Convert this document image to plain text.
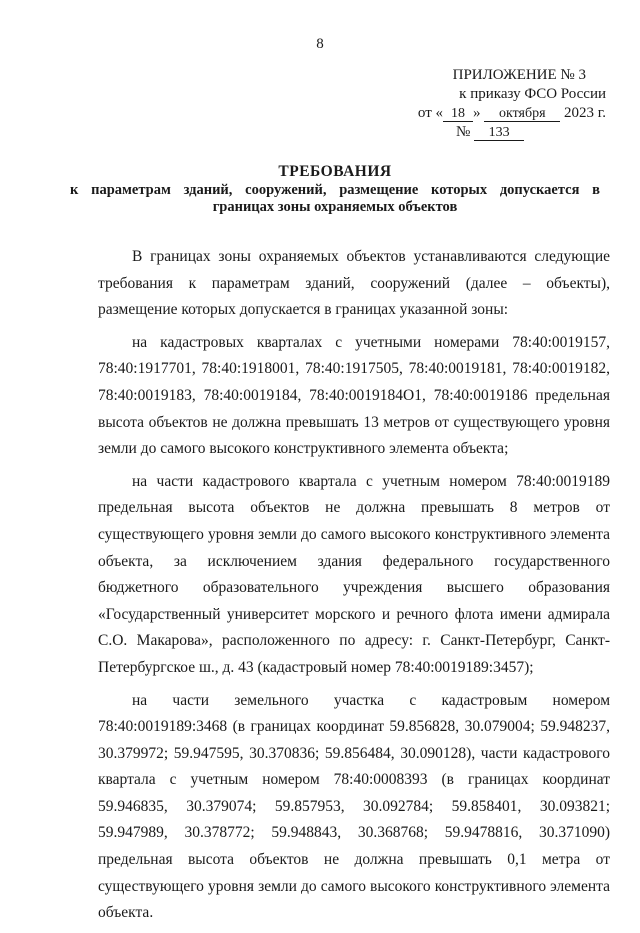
8
ПРИЛОЖЕНИЕ № 3
к приказу ФСО России
от « 18 » октября 2023 г.
№ 133
ТРЕБОВАНИЯ
к параметрам зданий, сооружений, размещение которых допускается в границах зоны охраняемых объектов

В границах зоны охраняемых объектов устанавливаются следующие требования к параметрам зданий, сооружений (далее – объекты), размещение которых допускается в границах указанной зоны:

на кадастровых кварталах с учетными номерами 78:40:0019157, 78:40:1917701, 78:40:1918001, 78:40:1917505, 78:40:0019181, 78:40:0019182, 78:40:0019183, 78:40:0019184, 78:40:0019184О1, 78:40:0019186 предельная высота объектов не должна превышать 13 метров от существующего уровня земли до самого высокого конструктивного элемента объекта;

на части кадастрового квартала с учетным номером 78:40:0019189 предельная высота объектов не должна превышать 8 метров от существующего уровня земли до самого высокого конструктивного элемента объекта, за исключением здания федерального государственного бюджетного образовательного учреждения высшего образования «Государственный университет морского и речного флота имени адмирала С.О. Макарова», расположенного по адресу: г. Санкт-Петербург, Санкт-Петербургское ш., д. 43 (кадастровый номер 78:40:0019189:3457);

на части земельного участка с кадастровым номером 78:40:0019189:3468 (в границах координат 59.856828, 30.079004; 59.948237, 30.379972; 59.947595, 30.370836; 59.856484, 30.090128), части кадастрового квартала с учетным номером 78:40:0008393 (в границах координат 59.946835, 30.379074; 59.857953, 30.092784; 59.858401, 30.093821; 59.947989, 30.378772; 59.948843, 30.368768; 59.9478816, 30.371090) предельная высота объектов не должна превышать 0,1 метра от существующего уровня земли до самого высокого конструктивного элемента объекта.
